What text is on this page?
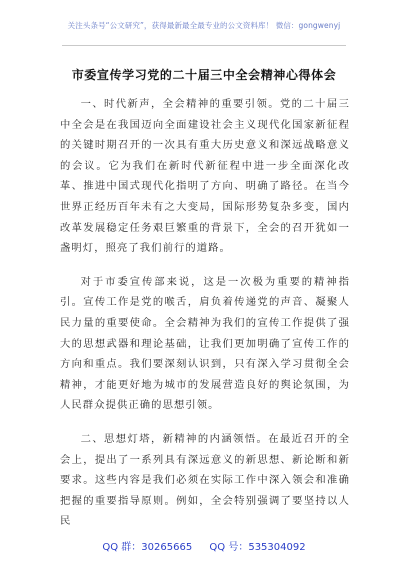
关注头条号“公文研究”，获得最新最全最专业的公文资料库！ 微信：gongwenyj
市委宣传学习党的二十届三中全会精神心得体会

一、时代新声，全会精神的重要引领。党的二十届三中全会是在我国迈向全面建设社会主义现代化国家新征程的关键时期召开的一次具有重大历史意义和深远战略意义的会议。它为我们在新时代新征程中进一步全面深化改革、推进中国式现代化指明了方向、明确了路径。在当今世界正经历百年未有之大变局，国际形势复杂多变，国内改革发展稳定任务艰巨繁重的背景下，全会的召开犹如一盏明灯，照亮了我们前行的道路。

对于市委宣传部来说，这是一次极为重要的精神指引。宣传工作是党的喉舌，肩负着传递党的声音、凝聚人民力量的重要使命。全会精神为我们的宣传工作提供了强大的思想武器和理论基础，让我们更加明确了宣传工作的方向和重点。我们要深刻认识到，只有深入学习贯彻全会精神，才能更好地为城市的发展营造良好的舆论氛围，为人民群众提供正确的思想引领。

二、思想灯塔，新精神的内涵领悟。在最近召开的全会上，提出了一系列具有深远意义的新思想、新论断和新要求。这些内容是我们必须在实际工作中深入领会和准确把握的重要指导原则。例如，全会特别强调了要坚持以人民

QQ 群：30265665 QQ 号：535304092
